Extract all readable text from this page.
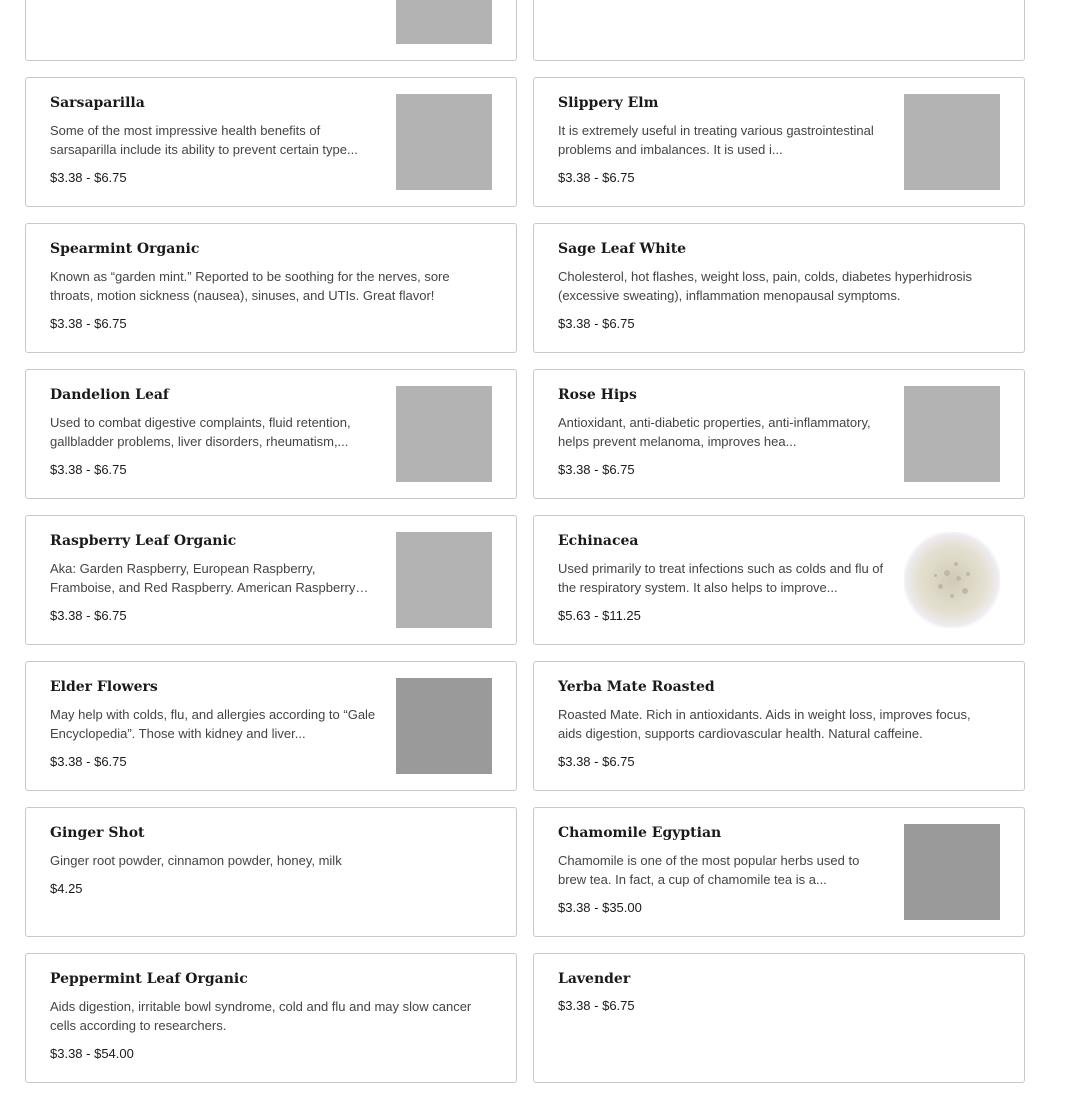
Sarsaparilla
Some of the most impressive health benefits of sarsaparilla include its ability to prevent certain type...
$3.38 - $6.75
Slippery Elm
It is extremely useful in treating various gastrointestinal problems and imbalances. It is used i...
$3.38 - $6.75
Spearmint Organic
Known as “garden mint.” Reported to be soothing for the nerves, sore throats, motion sickness (nausea), sinuses, and UTIs. Great flavor!
$3.38 - $6.75
Sage Leaf White
Cholesterol, hot flashes, weight loss, pain, colds, diabetes hyperhidrosis (excessive sweating), inflammation menopausal symptoms.
$3.38 - $6.75
Dandelion Leaf
Used to combat digestive complaints, fluid retention, gallbladder problems, liver disorders, rheumatism,...
$3.38 - $6.75
Rose Hips
Antioxidant, anti-diabetic properties, anti-inflammatory, helps prevent melanoma, improves hea...
$3.38 - $6.75
Raspberry Leaf Organic
Aka: Garden Raspberry, European Raspberry, Framboise, and Red Raspberry. American Raspberry
$3.38 - $6.75
Echinacea
Used primarily to treat infections such as colds and flu of the respiratory system. It also helps to improve...
$5.63 - $11.25
Elder Flowers
May help with colds, flu, and allergies according to “Gale Encyclopedia”. Those with kidney and liver...
$3.38 - $6.75
Yerba Mate Roasted
Roasted Mate. Rich in antioxidants. Aids in weight loss, improves focus, aids digestion, supports cardiovascular health. Natural caffeine.
$3.38 - $6.75
Ginger Shot
Ginger root powder, cinnamon powder, honey, milk
$4.25
Chamomile Egyptian
Chamomile is one of the most popular herbs used to brew tea. In fact, a cup of chamomile tea is a...
$3.38 - $35.00
Peppermint Leaf Organic
Aids digestion, irritable bowl syndrome, cold and flu and may slow cancer cells according to researchers.
$3.38 - $54.00
Lavender
$3.38 - $6.75
